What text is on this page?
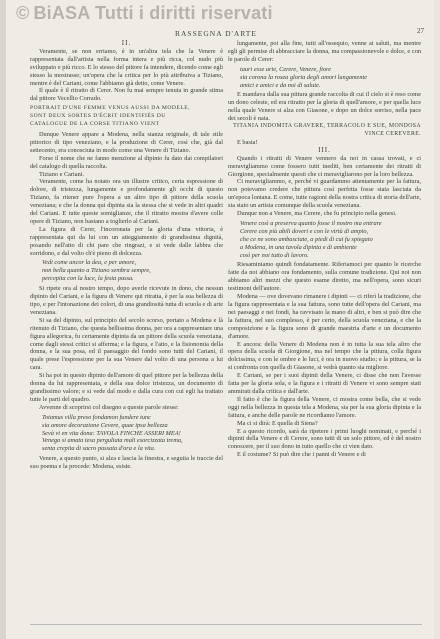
© BiASA Tutti i diritti riservati
RASSEGNA D'ARTE	27

II.

Veramente, se non erriamo, è in un'altra tela che la Venere è rappresentata dall'artista nella forma intera e più ricca, col nudo più sviluppato e più ricco. E lo stesso del pittore fa intendere, dicendo come egli stesso la mostrasse; un'opera che la critica per lo più attribuiva a Tiziano, mentre è del Cariani, come l'abbiamo già detto, come Venere.

Il quale è il ritratto di Cerer. Non fu mai sempre tenuta in grande stima dal pittore Vecellio Corrado.

PORTRAIT D'UNE FEMME VENUS AUSSI DA MODELE,
SONT DEUX SORTES D'ÉCRIT IDENTIFIÉS DU
CATALOGUE DE LA CORSE TITIANO VIENT

Dunque Venere appare a Modena, nella stanza originale, di tale stile pittorico di tipo veneziano, e la produzione di Cerer, così che, già dal settecento, era conosciuta in modo come una Venere di Tiziano.

Forse il nome che ne fanno menzione al dipinto fu dato dai compilatori del catalogo di quella raccolta.

Tiziano e Cariani.

Veramente, come ha notato ora un illustre critico, certa espressione di dolore, di tristezza, lungamente e profondamente gli occhi di questo Tiziano, fa ritener pure l'opera a un altro tipo di pittore della scuola veneziana; e che la donna qui dipinta sia la stessa che si vede in altri quadri del Cariani. E tutte queste somiglianze, che il ritratto mostra d'avere colle opere di Tiziano, non bastano a toglierlo al Cariani.

La figura di Cerer, l'incoronata per la gloria d'una vittoria, è rappresentata qui da lui con un atteggiamento di grandissima dignità, posando nell'atto di chi pare che ringrazi, e si vede dalle labbra che sorridono, e dal volto ch'è pieno di dolcezza.

Vedi come ancor la dea, e per amore,
non bella quanto a Tiziano sembra sempre,
percepita con la luce, la festa passa.

Si ripete ora al nostro tempo, dopo averle ricevute in dono, che nessun dipinto del Cariani, e la figura di Venere qui ritratta, è per la sua bellezza di tipo, e per l'intonazione dei colori, di una grandiosità tutta di scuola e di arte veneziana.

Si sa del dipinto, sul principio del secolo scorso, portato a Modena e là ritenuto di Tiziano, che questa bellissima donna, per ora a rappresentare una figura allegorica, fu certamente dipinta da un pittore della scuola veneziana, come dagli stessi critici si afferma; e la figura, e l'atto, e la fisionomia della donna, e la sua posa, ed il paesaggio del fondo sono tutti del Cariani, il quale prese l'espressione per la sua Venere dal volto di una persona a lui cara.

Si ha poi in questo dipinto dell'amore di quel pittore per la bellezza della donna da lui rappresentata, e della sua dolce tristezza, un documento di grandissimo valore; e si vede dal modo e dalla cura con cui egli ha trattato tutte le parti del quadro.

Avvenne di scoprirsi col disegno a queste parole stesse:

Totamus villa preso fondamon fundere tunc
sia amore decorazione Cevere, quae ipsa bellezza
Sevà vi en vita dona: TAVOLA FINCHE ASSERI MEA!
Venega si amata tesa perguliata mali esorcizzata trema,
senta crepita di sacro passata d'ora e la vita.

Venere, a questo punto, si alza e lascia la finestra, e seguita le traccie del suo poema e la procede: Modena, esiste.

lungamente, poi alla fine, tutti all'ossequio, venne ai saluti, ma mentre egli gli permise di abbracciare la donna, ma compassionevole e dolce, e con le parole di Cerer:

tauri esse arte, Cerere, Venere, fiore
sia corona la rosea gloria degli amori lungamente
amici e amici e da noi di salute.

E mandava dalla sua pittura grande raccolta di cui il cielo si è reso come un dono celeste, ed era ritratto per la gloria di quell'amore, e per quella luce nella quale Venere si alza con Giasone, e dopo un dolce sorriso, nella pace dei secoli è nata.

TITANIA INDOMITA GRAVERE, TERRACOLO E SUE, MONDOSA VINCE CEREVERE.

E basta!

III.

Quando i ritratti di Venere vennero da noi in cassa trovati, e ci meravigliammo come fossero tutti inediti, ben certamente dei ritratti di Giorgione, specialmente questi che ci meravigliarono per la loro bellezza.

Ci meravigliammo, e, perché vi guardammo attentamente per la fattura, non potevamo credere che pittura così perfetta fosse stata lasciata da un'epoca lontana. E come, tutte ragioni della nostra critica di storia dell'arte, sia stato un artista comunque della scuola veneziana.

Dunque non a Venere, ma Cerere, che fu principio nella genesi.

Venere così a preserva quanto fosse il nostro ma entrare
Cerere con più abili doveri e con le virtù di ampio,
che ce ne sono ambasciate, a piedi di cui fu spiegato
a Modena, in una tavola dipinta e di ambiente
così per noi tutto di lavoro.

Riesaminiamo quindi fondatamente. Riferiamoci per quanto le ricerche fatte da noi abbiano ora fondamento, sulla comune tradizione. Qui noi non abbiamo altri mezzi che questo esame diretto, ma nell'opera, sono sicuri testimoni dell'autore.

Modena — ove dovevano rimanere i dipinti — ci riferì la tradizione, che la figura rappresentata e la sua fattura, sono tutte dell'opera del Cariani, ma nei paesaggi e nei fondi, ha ravvisato la mano di altri, e ben si può dire che la fattura, nel suo complesso, è per certo, della scuola veneziana, e che la composizione e la figura sono di grande maestria d'arte e un documento d'amore.

E ancora: della Venere di Modena non è in tutta la sua tela altro che opera della scuola di Giorgione, ma nel tempo che la pittura, colla figura dolcissima, e con le ombre e le luci, è ora in nuovo studio; e la pittura, se la si confronta con quella di Giasone, si vedrà quanto sia migliore.

E Cariani, se per i suoi dipinti della Venere, ci disse che non l'avesse fatta per la gloria sola, e la figura e i ritratti di Venere vi sono sempre stati ammirati dalla critica e dall'arte.

Il fatto è che la figura della Venere, ci mostra come bella, che si vede oggi nella bellezza in questa tela a Modena, sia per la sua gloria dipinta e la fattura, e anche delle parole ne ricordiamo l'amore.

Ma ci si dirà: E quella di Siena?

E a questo ricordo, sarà da ripetere i primi luoghi nominati, e perché i dipinti della Venere e di Cerere, sono tutti di un solo pittore, ed è del nostro conoscere, per il suo dono in tutto quello che ci vien dato.

E il costume? Si può dire che i panni di Venere e di
